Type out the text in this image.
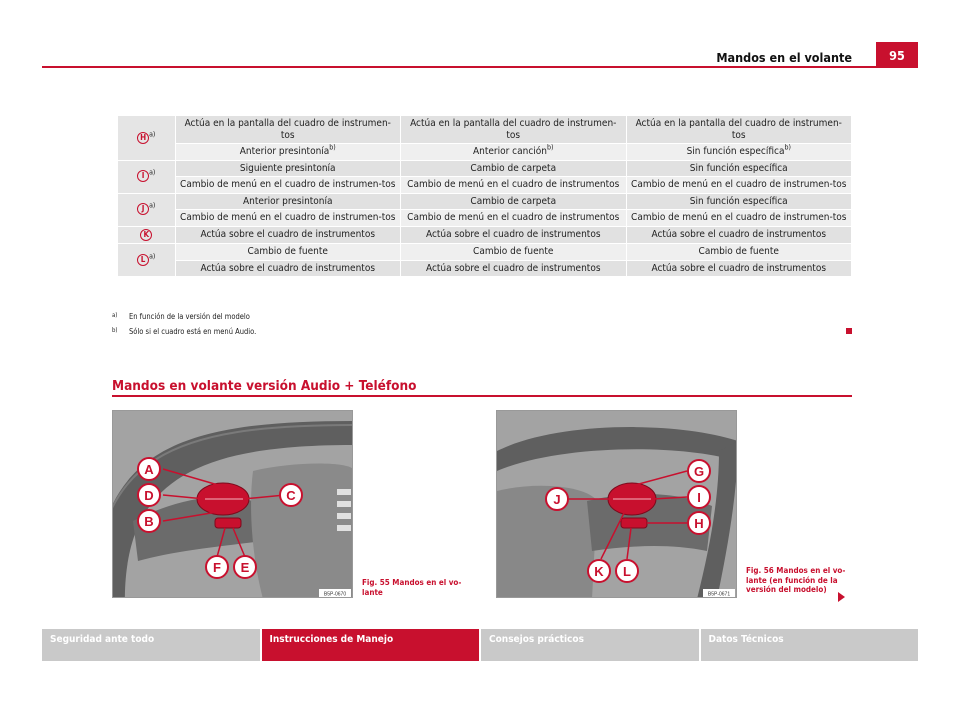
Mandos en el volante	95
H $^{a)}$	Actúa en la pantalla del cuadro de instrumen-tos	Actúa en la pantalla del cuadro de instrumen-tos	Actúa en la pantalla del cuadro de instrumen-tos
	Anterior presintonía$^{b)}$	Anterior canción$^{b)}$	Sin función específica$^{b)}$
I $^{a)}$	Siguiente presintonía	Cambio de carpeta	Sin función específica
	Cambio de menú en el cuadro de instrumen-tos	Cambio de menú en el cuadro de instrumentos	Cambio de menú en el cuadro de instrumen-tos
J $^{a)}$	Anterior presintonía	Cambio de carpeta	Sin función específica
	Cambio de menú en el cuadro de instrumen-tos	Cambio de menú en el cuadro de instrumentos	Cambio de menú en el cuadro de instrumen-tos
K	Actúa sobre el cuadro de instrumentos	Actúa sobre el cuadro de instrumentos	Actúa sobre el cuadro de instrumentos
L $^{a)}$	Cambio de fuente	Cambio de fuente	Cambio de fuente
	Actúa sobre el cuadro de instrumentos	Actúa sobre el cuadro de instrumentos	Actúa sobre el cuadro de instrumentos
a) En función de la versión del modelo
b) Sólo si el cuadro está en menú Audio.
Mandos en volante versión Audio + Teléfono
A
D
B
C
F E
B5P-0670
Fig. 55 Mandos en el vo-lante
G
J	I
H
K L
B5P-0671
Fig. 56 Mandos en el vo-lante (en función de la versión del modelo)
Seguridad ante todo	Instrucciones de Manejo	Consejos prácticos	Datos Técnicos
